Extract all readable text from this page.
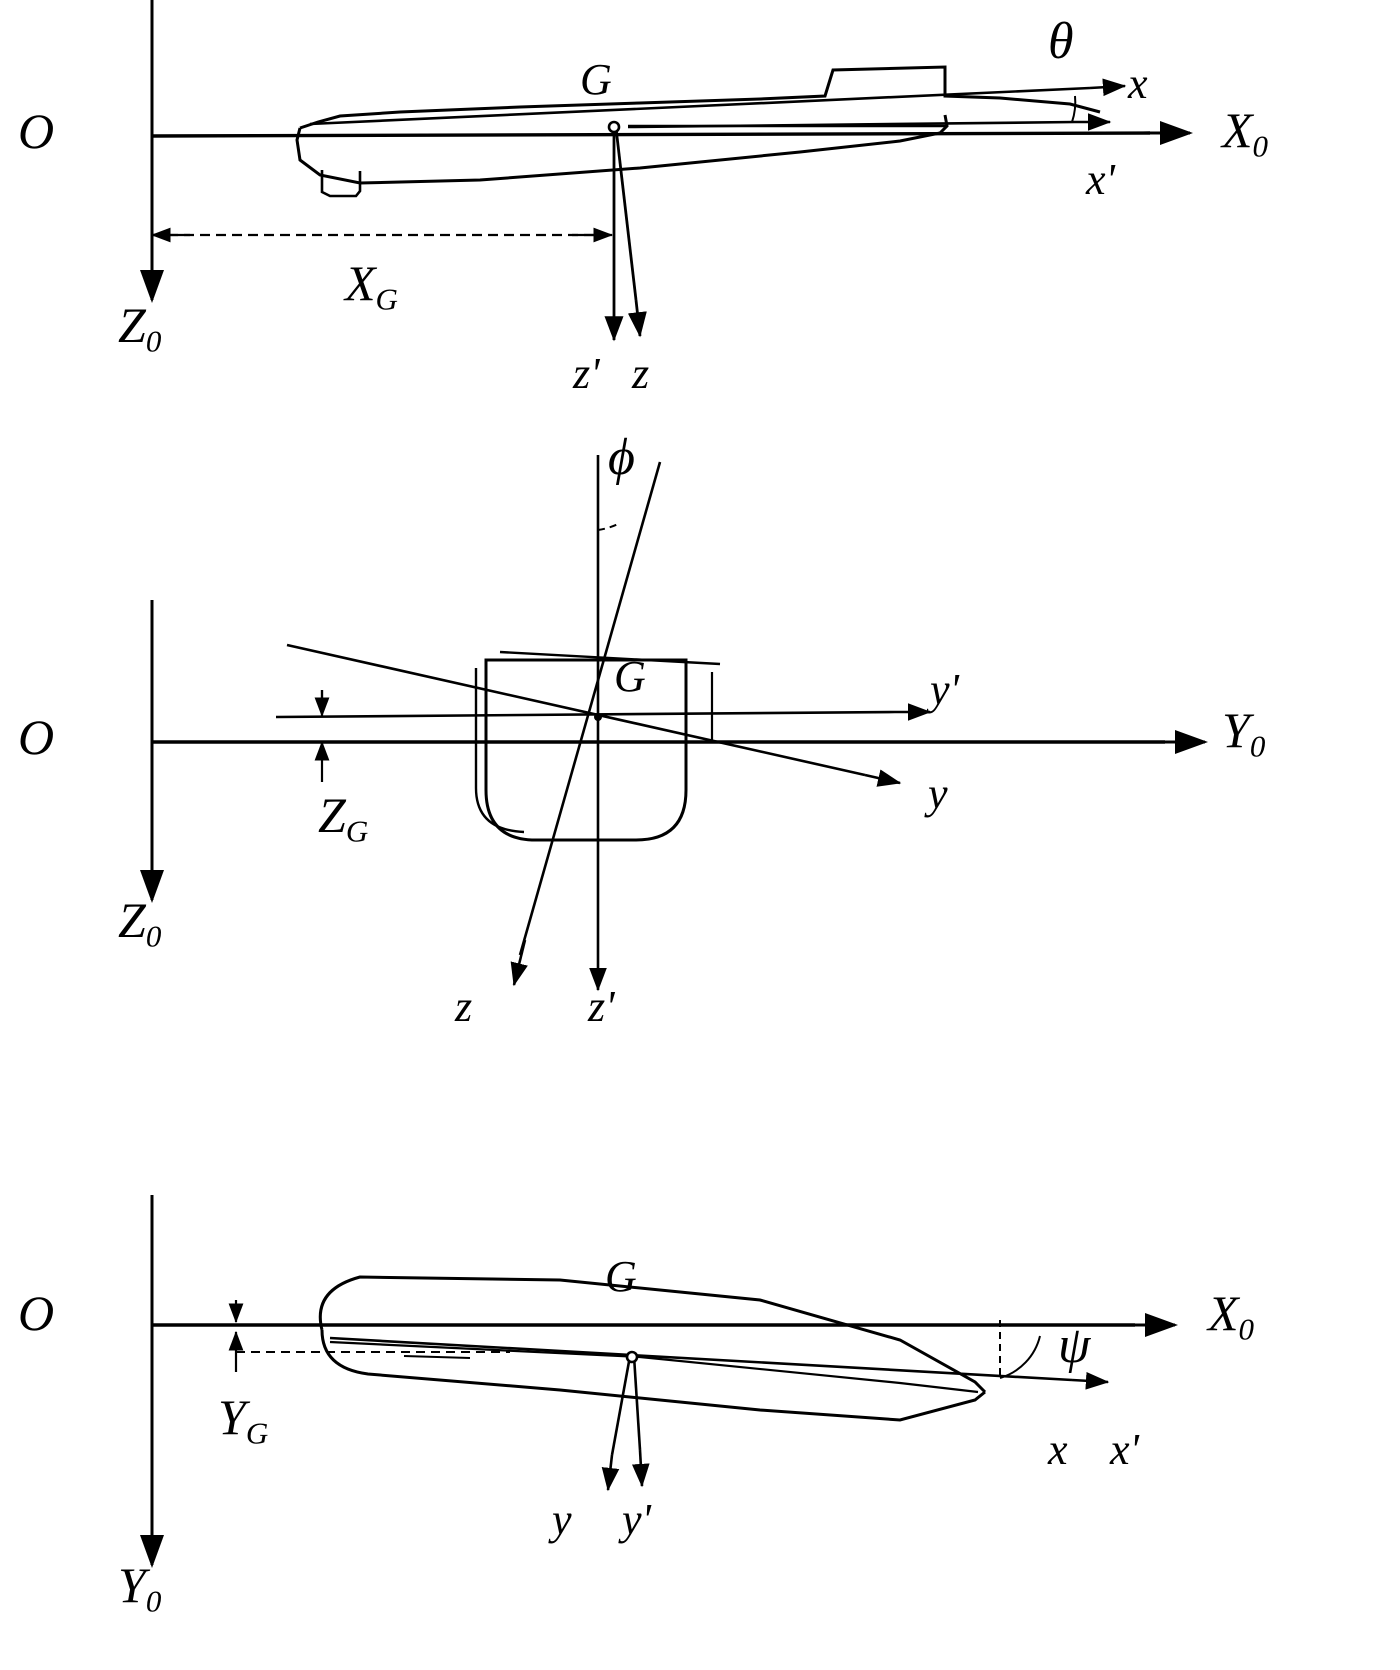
O	$X_0$
$Z_0$
x
x'
z' z
G
θ
$X_G$
O	$Y_0$
$Z_0$
y'
y
z	z'
G
ϕ
$Z_G$
O	$X_0$
$Y_0$
x x'
y y'
G
ψ
$Y_G$
